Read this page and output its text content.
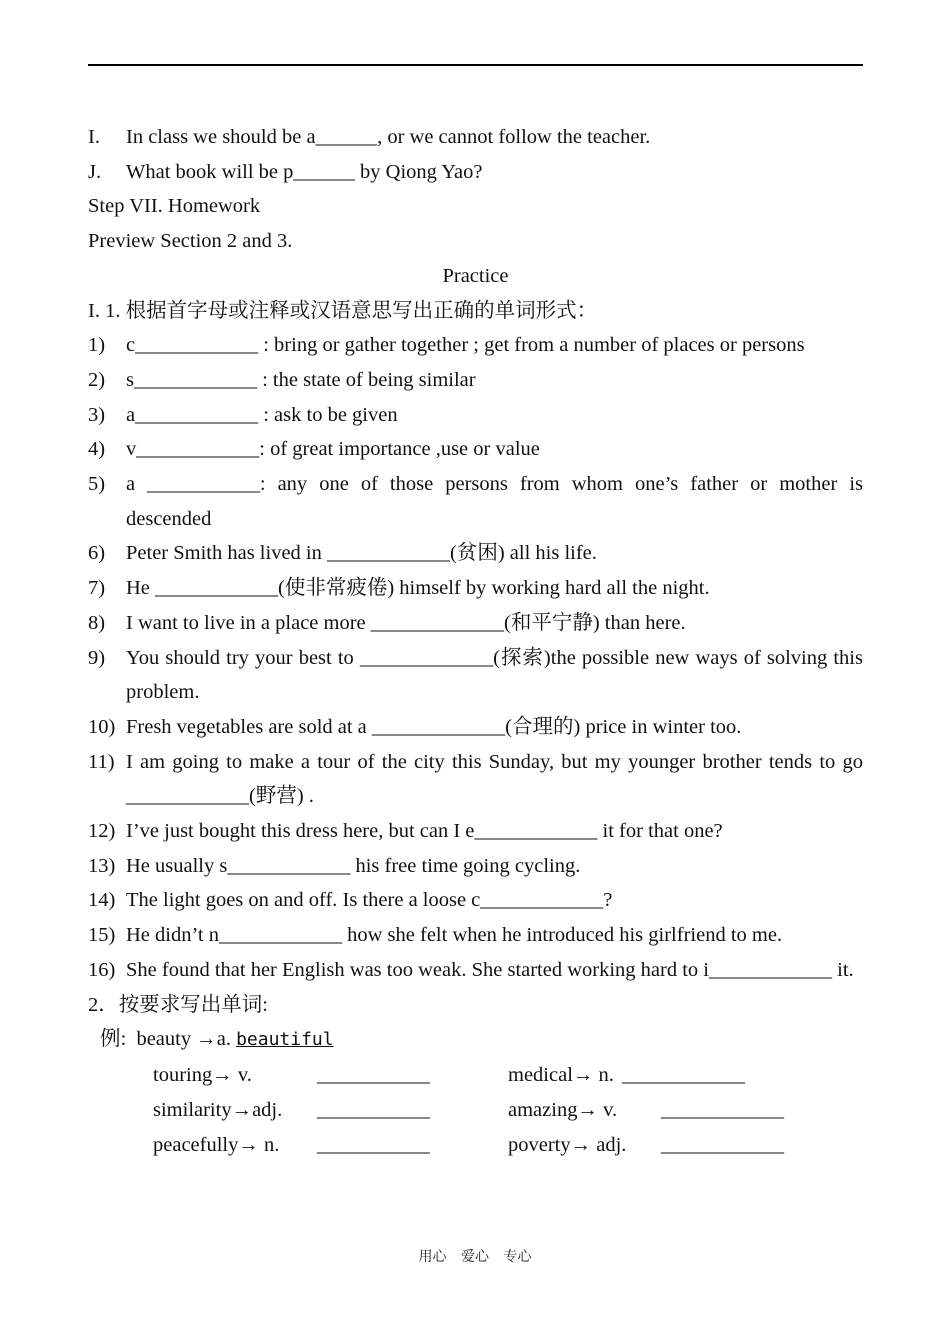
I. In class we should be a______, or we cannot follow the teacher.
J. What book will be p______ by Qiong Yao?
Step VII. Homework
Preview Section 2 and 3.
Practice
I. 1. 根据首字母或注释或汉语意思写出正确的单词形式：
1) c____________ : bring or gather together ; get from a number of places or persons
2) s____________ : the state of being similar
3) a____________ : ask to be given
4) v____________: of great importance ,use or value
5) a ___________: any one of those persons from whom one’s father or mother is descended
6) Peter Smith has lived in ____________(贫困) all his life.
7) He ____________(使非常疲倦) himself by working hard all the night.
8) I want to live in a place more _____________(和平宁静) than here.
9) You should try your best to _____________(探索)the possible new ways of solving this problem.
10) Fresh vegetables are sold at a _____________(合理的) price in winter too.
11) I am going to make a tour of the city this Sunday, but my younger brother tends to go ____________(野营) .
12) I’ve just bought this dress here, but can I e____________ it for that one?
13) He usually s____________ his free time going cycling.
14) The light goes on and off. Is there a loose c____________?
15) He didn’t n____________ how she felt when he introduced his girlfriend to me.
16) She found that her English was too weak. She started working hard to i____________ it.
2．按要求写出单词:
例:  beauty →a. beautiful
touring→ v.	___________	medical→ n. ____________
similarity→adj. ___________	amazing→ v. ____________
peacefully→ n. ___________	poverty→ adj. ____________
用心 爱心 专心
